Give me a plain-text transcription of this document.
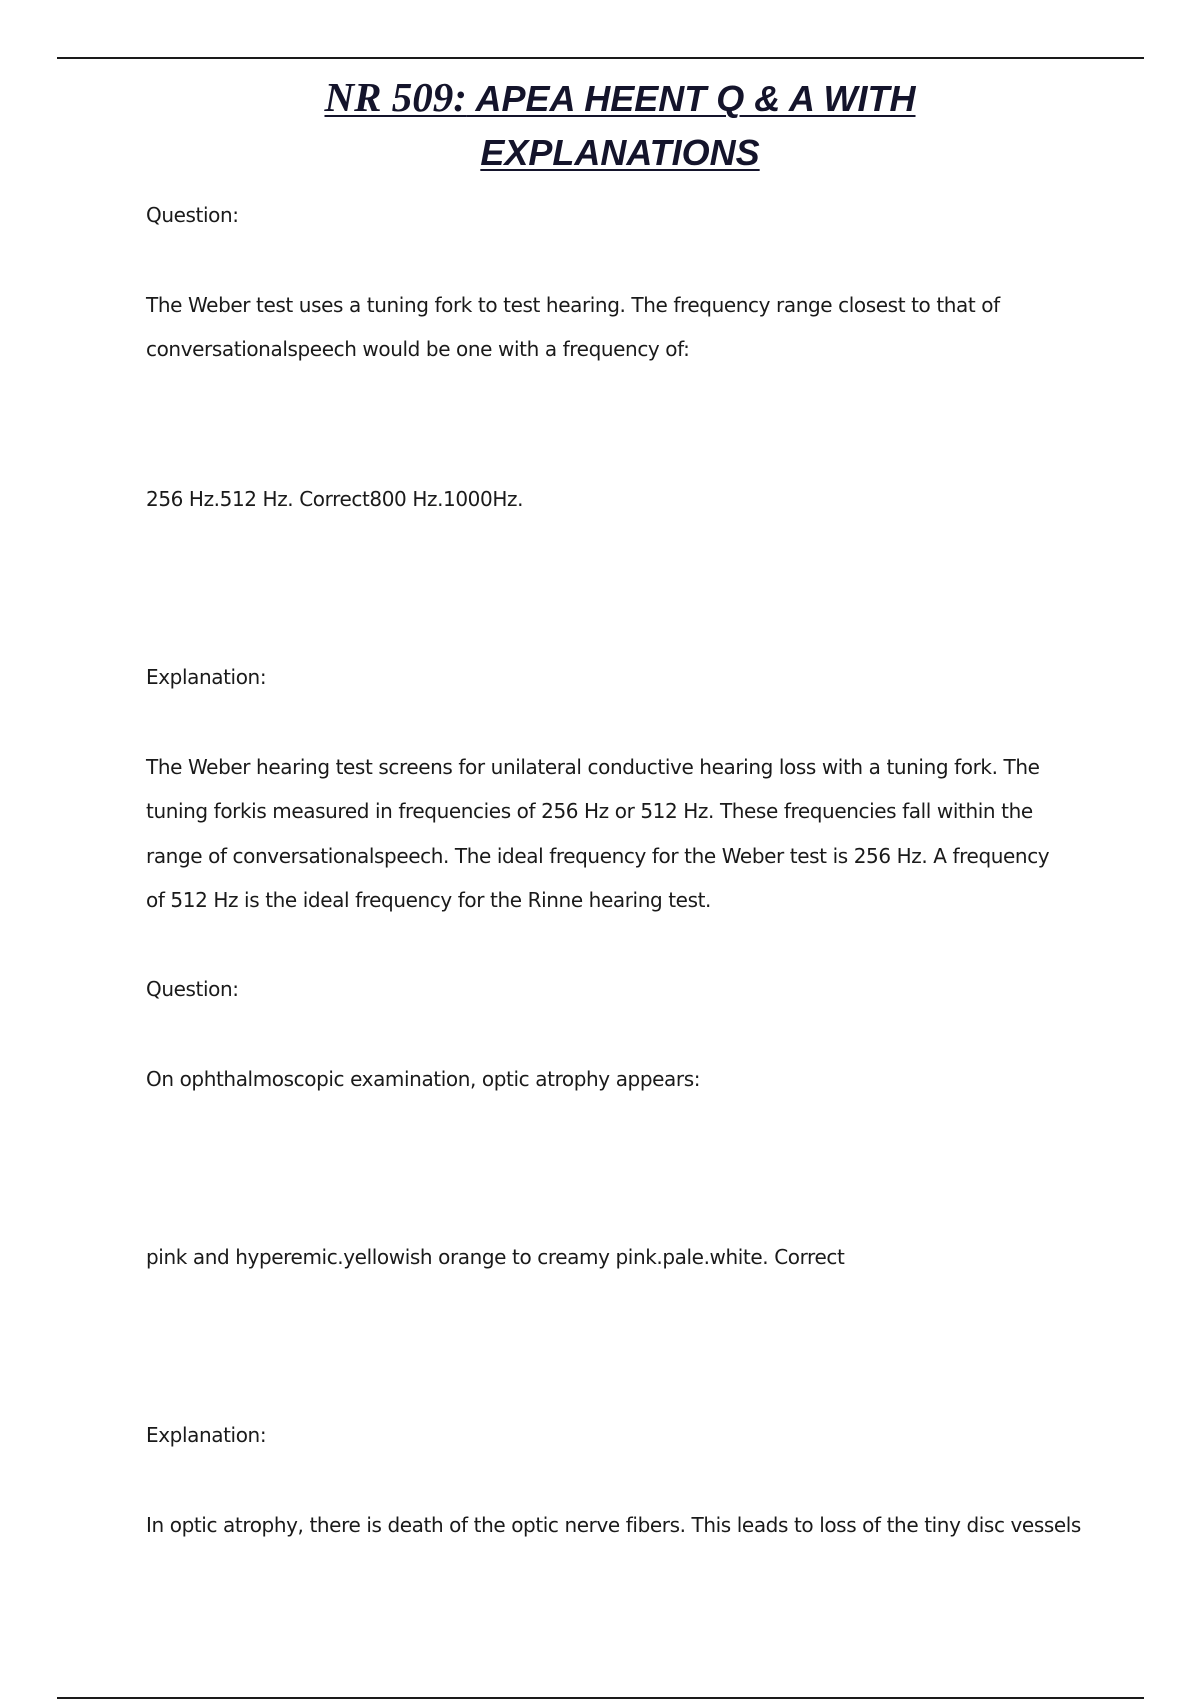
NR 509: APEA HEENT Q & A WITH
EXPLANATIONS
Question:
The Weber test uses a tuning fork to test hearing. The frequency range closest to that of
conversationalspeech would be one with a frequency of:
256 Hz.512 Hz. Correct800 Hz.1000Hz.
Explanation:
The Weber hearing test screens for unilateral conductive hearing loss with a tuning fork. The
tuning forkis measured in frequencies of 256 Hz or 512 Hz. These frequencies fall within the
range of conversationalspeech. The ideal frequency for the Weber test is 256 Hz. A frequency
of 512 Hz is the ideal frequency for the Rinne hearing test.
Question:
On ophthalmoscopic examination, optic atrophy appears:
pink and hyperemic.yellowish orange to creamy pink.pale.white. Correct
Explanation:
In optic atrophy, there is death of the optic nerve fibers. This leads to loss of the tiny disc vessels
